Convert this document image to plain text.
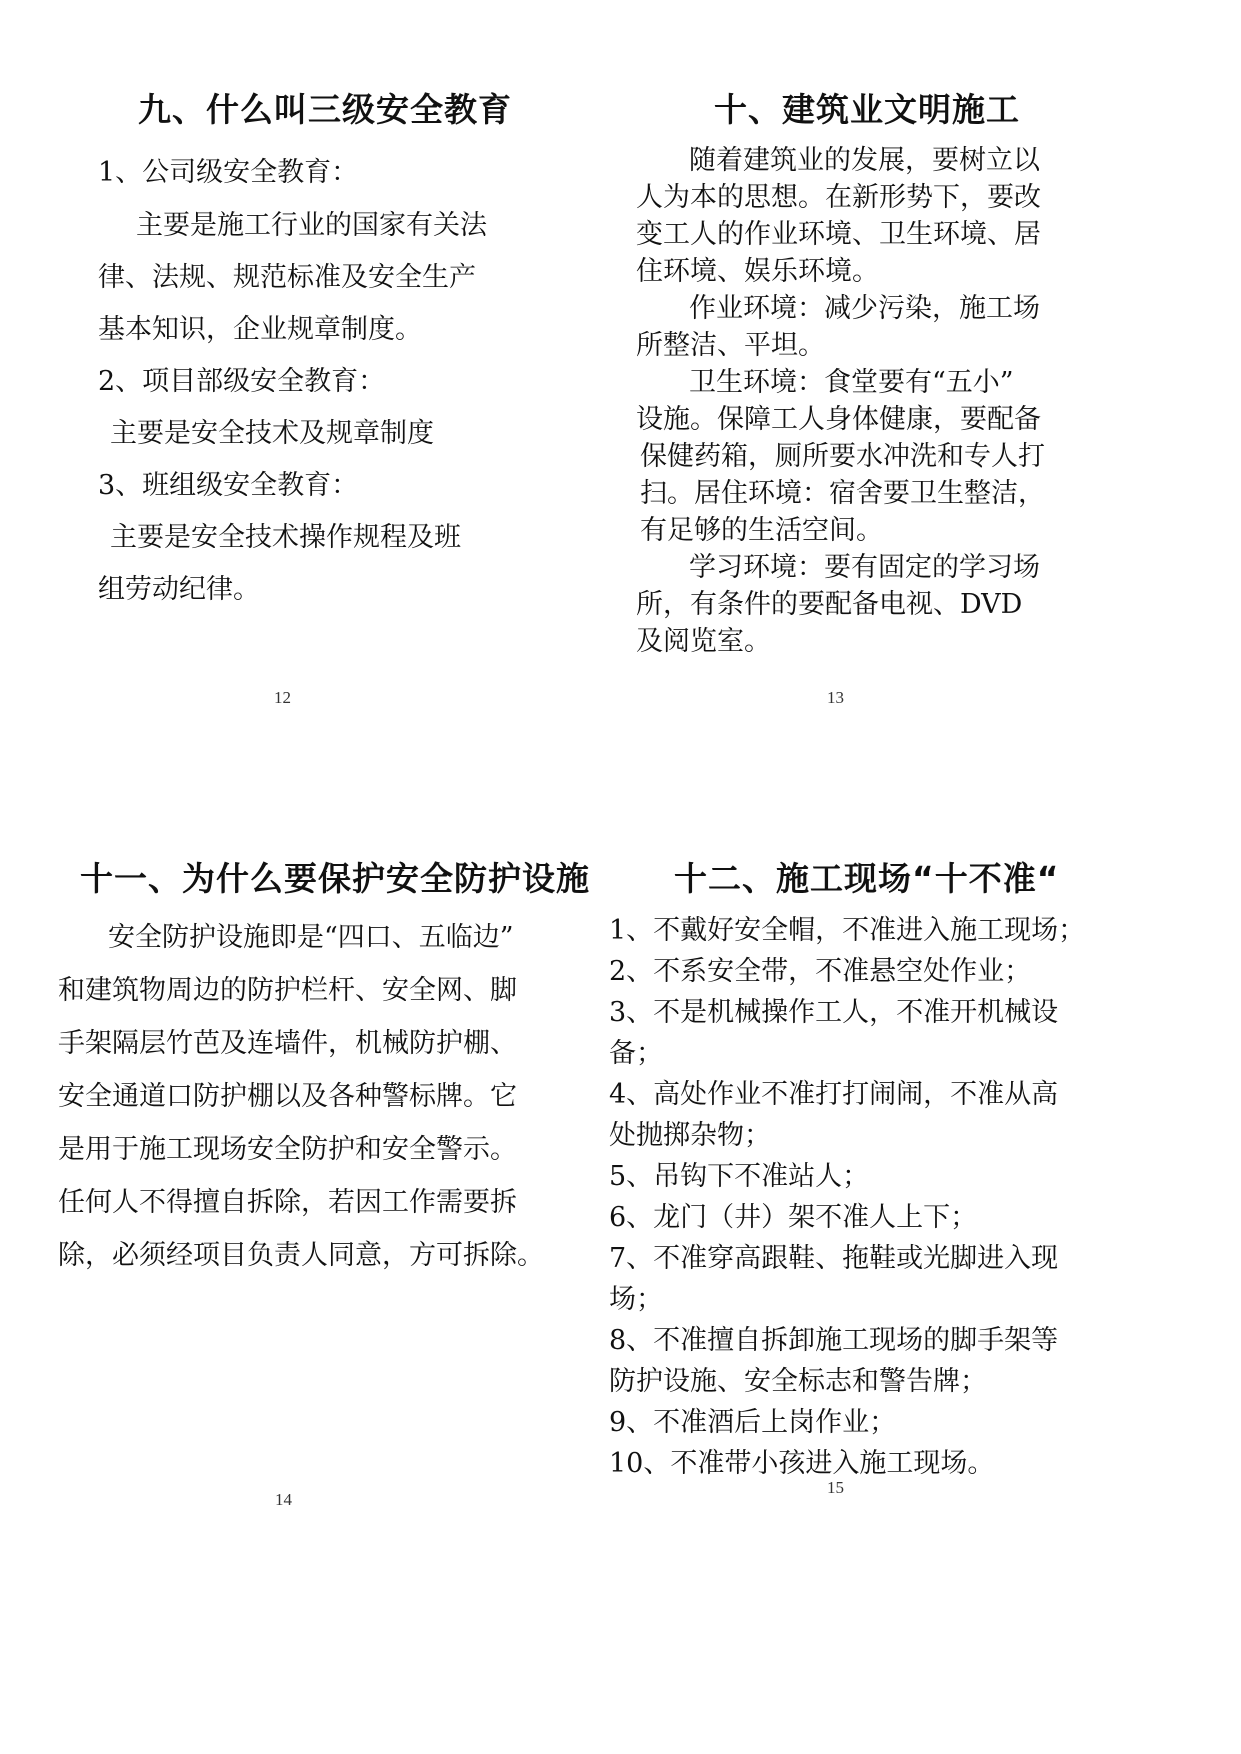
九、什么叫三级安全教育
1、公司级安全教育：
主要是施工行业的国家有关法
律、法规、规范标准及安全生产
基本知识，企业规章制度。
2、项目部级安全教育：
主要是安全技术及规章制度
3、班组级安全教育：
主要是安全技术操作规程及班
组劳动纪律。
12
十、建筑业文明施工
随着建筑业的发展，要树立以
人为本的思想。在新形势下，要改
变工人的作业环境、卫生环境、居
住环境、娱乐环境。
作业环境：减少污染，施工场
所整洁、平坦。
卫生环境：食堂要有“五小”
设施。保障工人身体健康，要配备
保健药箱，厕所要水冲洗和专人打
扫。居住环境：宿舍要卫生整洁，
有足够的生活空间。
学习环境：要有固定的学习场
所，有条件的要配备电视、DVD
及阅览室。
13
十一、为什么要保护安全防护设施
安全防护设施即是“四口、五临边”
和建筑物周边的防护栏杆、安全网、脚
手架隔层竹芭及连墙件，机械防护棚、
安全通道口防护棚以及各种警标牌。它
是用于施工现场安全防护和安全警示。
任何人不得擅自拆除，若因工作需要拆
除，必须经项目负责人同意，方可拆除。
14
十二、施工现场“十不准“
1、不戴好安全帽，不准进入施工现场；
2、不系安全带，不准悬空处作业；
3、不是机械操作工人，不准开机械设
备；
4、高处作业不准打打闹闹，不准从高
处抛掷杂物；
5、吊钩下不准站人；
6、龙门（井）架不准人上下；
7、不准穿高跟鞋、拖鞋或光脚进入现
场；
8、不准擅自拆卸施工现场的脚手架等
防护设施、安全标志和警告牌；
9、不准酒后上岗作业；
10、不准带小孩进入施工现场。
15
